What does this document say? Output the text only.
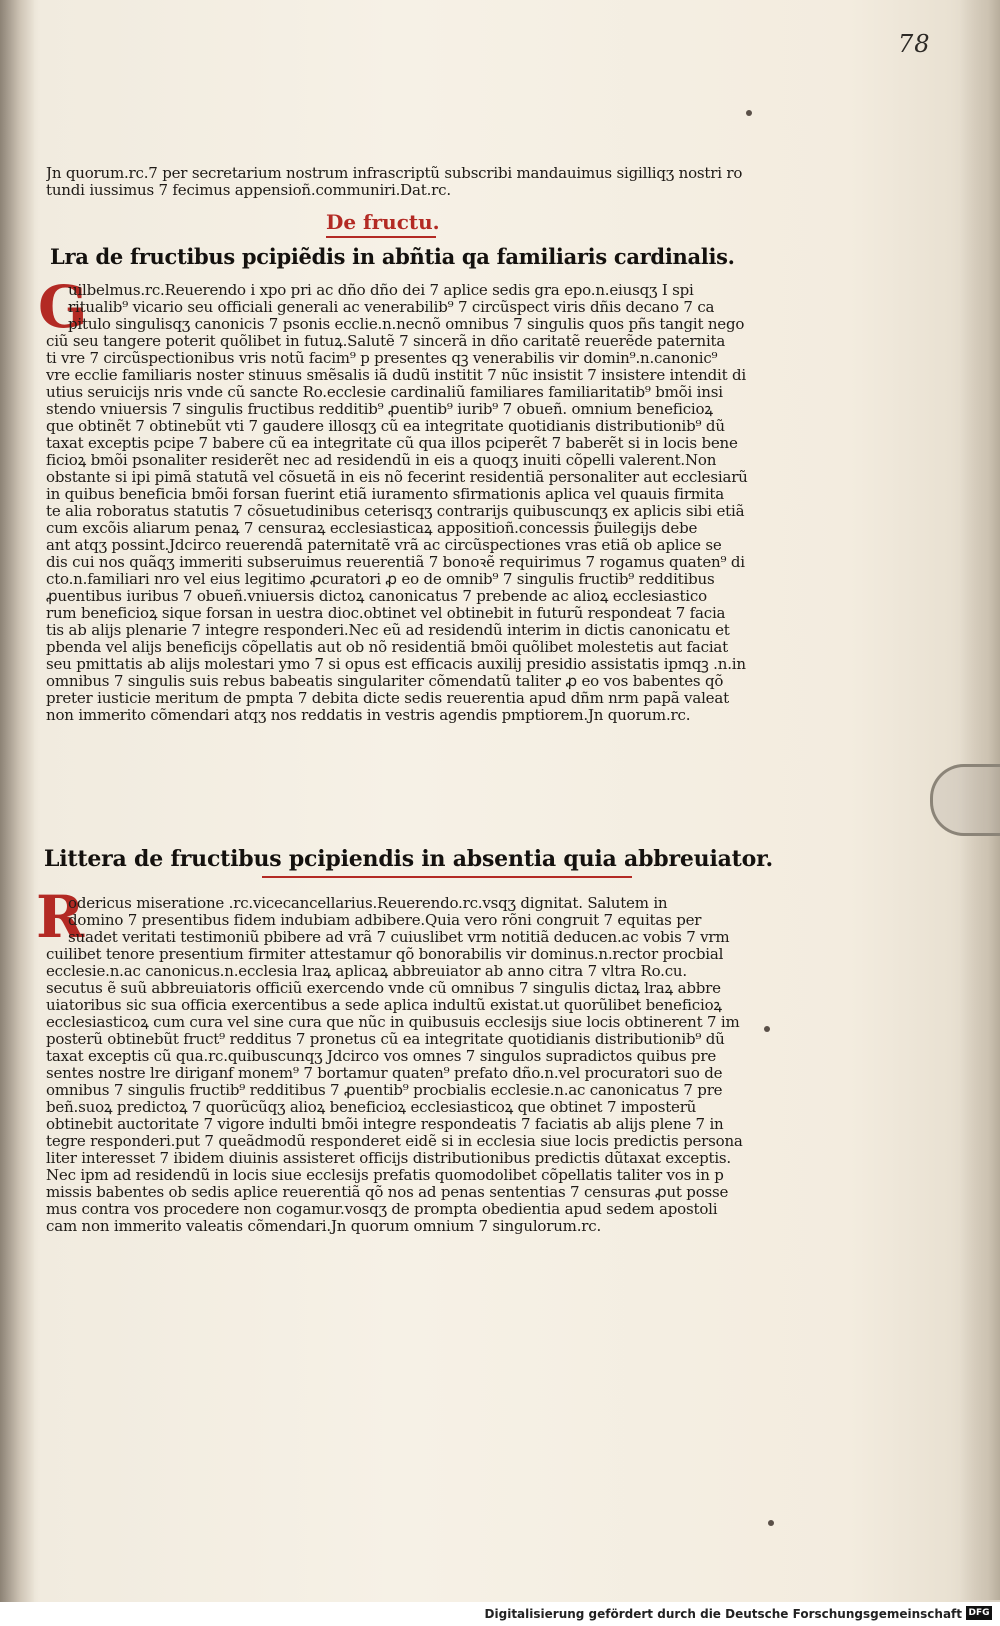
78
Jn quorum.rc.7 per secretarium nostrum infrascriptũ subscribi mandauimus sigilliqʒ nostri ro
tundi iussimus 7 fecimus appensioñ.communiri.Dat.rc.
De fructu.
Lra de fructibus pcipiẽdis in abñtia qa familiaris cardinalis.
G
uilbelmus.rc.Reuerendo i xpo pri ac dño dño dei 7 aplice sedis gra epo.n.eiusqʒ I spi
ritualib⁹ vicario seu officiali generali ac venerabilib⁹ 7 circũspect viris dñis decano 7 ca
pitulo singulisqʒ canonicis 7 psonis ecclie.n.necnõ omnibus 7 singulis quos pñs tangit nego
ciũ seu tangere poterit quõlibet in futuꝝ.Salutẽ 7 sincerã in dño caritatẽ reuerẽde paternita
ti vre 7 circũspectionibus vris notũ facim⁹ p presentes qꝫ venerabilis vir domin⁹.n.canonic⁹
vre ecclie familiaris noster stinuus smẽsalis iã dudũ institit 7 nũc insistit 7 insistere intendit di
utius seruicijs nris vnde cũ sancte Ro.ecclesie cardinaliũ familiares familiaritatib⁹ bmõi insi
stendo vniuersis 7 singulis fructibus redditib⁹ ꝓuentib⁹ iurib⁹ 7 obueñ. omnium beneficioꝝ
que obtinẽt 7 obtinebũt vti 7 gaudere illosqʒ cũ ea integritate quotidianis distributionib⁹ dũ
taxat exceptis pcipe 7 babere cũ ea integritate cũ qua illos pciperẽt 7 baberẽt si in locis bene
ficioꝝ bmõi psonaliter residerẽt nec ad residendũ in eis a quoqʒ inuiti cõpelli valerent.Non
obstante si ipi pimã statutã vel cõsuetã in eis nõ fecerint residentiã personaliter aut ecclesiarũ
in quibus beneficia bmõi forsan fuerint etiã iuramento sfirmationis aplica vel quauis firmita
te alia roboratus statutis 7 cõsuetudinibus ceterisqʒ contrarijs quibuscunqʒ ex aplicis sibi etiã
cum excõis aliarum penaꝝ 7 censuraꝝ ecclesiasticaꝝ appositioñ.concessis p̃uilegijs debe
ant atqʒ possint.Jdcirco reuerendã paternitatẽ vrã ac circũspectiones vras etiã ob aplice se
dis cui nos quãqʒ immeriti subseruimus reuerentiã 7 bonoꝛẽ requirimus 7 rogamus quaten⁹ di
cto.n.familiari nro vel eius legitimo ꝓcuratori ꝓ eo de omnib⁹ 7 singulis fructib⁹ redditibus
ꝓuentibus iuribus 7 obueñ.vniuersis dictoꝝ canonicatus 7 prebende ac alioꝝ ecclesiastico
rum beneficioꝝ sique forsan in uestra dioc.obtinet vel obtinebit in futurũ respondeat 7 facia
tis ab alijs plenarie 7 integre responderi.Nec eũ ad residendũ interim in dictis canonicatu et
pbenda vel alijs beneficijs cõpellatis aut ob nõ residentiã bmõi quõlibet molestetis aut faciat
seu pmittatis ab alijs molestari ymo 7 si opus est efficacis auxilij presidio assistatis ipmqꝫ .n.in
omnibus 7 singulis suis rebus babeatis singulariter cõmendatũ taliter ꝓ eo vos babentes qõ
preter iusticie meritum de pmpta 7 debita dicte sedis reuerentia apud dñm nrm papã valeat
non immerito cõmendari atqʒ nos reddatis in vestris agendis pmptiorem.Jn quorum.rc.
Littera de fructibus pcipiendis in absentia quia abbreuiator.
R
odericus miseratione .rc.vicecancellarius.Reuerendo.rc.vsqʒ dignitat. Salutem in
domino 7 presentibus fidem indubiam adbibere.Quia vero rõni congruit 7 equitas per
suadet veritati testimoniũ pbibere ad vrã 7 cuiuslibet vrm notitiã deducen.ac vobis 7 vrm
cuilibet tenore presentium firmiter attestamur qõ bonorabilis vir dominus.n.rector procbial
ecclesie.n.ac canonicus.n.ecclesia lraꝝ aplicaꝝ abbreuiator ab anno citra 7 vltra Ro.cu.
secutus ẽ suũ abbreuiatoris officiũ exercendo vnde cũ omnibus 7 singulis dictaꝝ lraꝝ abbre
uiatoribus sic sua officia exercentibus a sede aplica indultũ existat.ut quorũlibet beneficioꝝ
ecclesiasticoꝝ cum cura vel sine cura que nũc in quibusuis ecclesijs siue locis obtinerent 7 im
posterũ obtinebũt fruct⁹ redditus 7 pronetus cũ ea integritate quotidianis distributionib⁹ dũ
taxat exceptis cũ qua.rc.quibuscunqʒ Jdcirco vos omnes 7 singulos supradictos quibus pre
sentes nostre lre diriganf monem⁹ 7 bortamur quaten⁹ prefato dño.n.vel procuratori suo de
omnibus 7 singulis fructib⁹ redditibus 7 ꝓuentib⁹ procbialis ecclesie.n.ac canonicatus 7 pre
beñ.suoꝝ predictoꝝ 7 quorũcũqʒ alioꝝ beneficioꝝ ecclesiasticoꝝ que obtinet 7 imposterũ
obtinebit auctoritate 7 vigore indulti bmõi integre respondeatis 7 faciatis ab alijs plene 7 in
tegre responderi.put 7 queãdmodũ responderet eidẽ si in ecclesia siue locis predictis persona
liter interesset 7 ibidem diuinis assisteret officijs distributionibus predictis dũtaxat exceptis.
Nec ipm ad residendũ in locis siue ecclesijs prefatis quomodolibet cõpellatis taliter vos in p
missis babentes ob sedis aplice reuerentiã qõ nos ad penas sententias 7 censuras ꝓut posse
mus contra vos procedere non cogamur.vosqʒ de prompta obedientia apud sedem apostoli
cam non immerito valeatis cõmendari.Jn quorum omnium 7 singulorum.rc.
Digitalisierung gefördert durch die Deutsche Forschungsgemeinschaft DFG
